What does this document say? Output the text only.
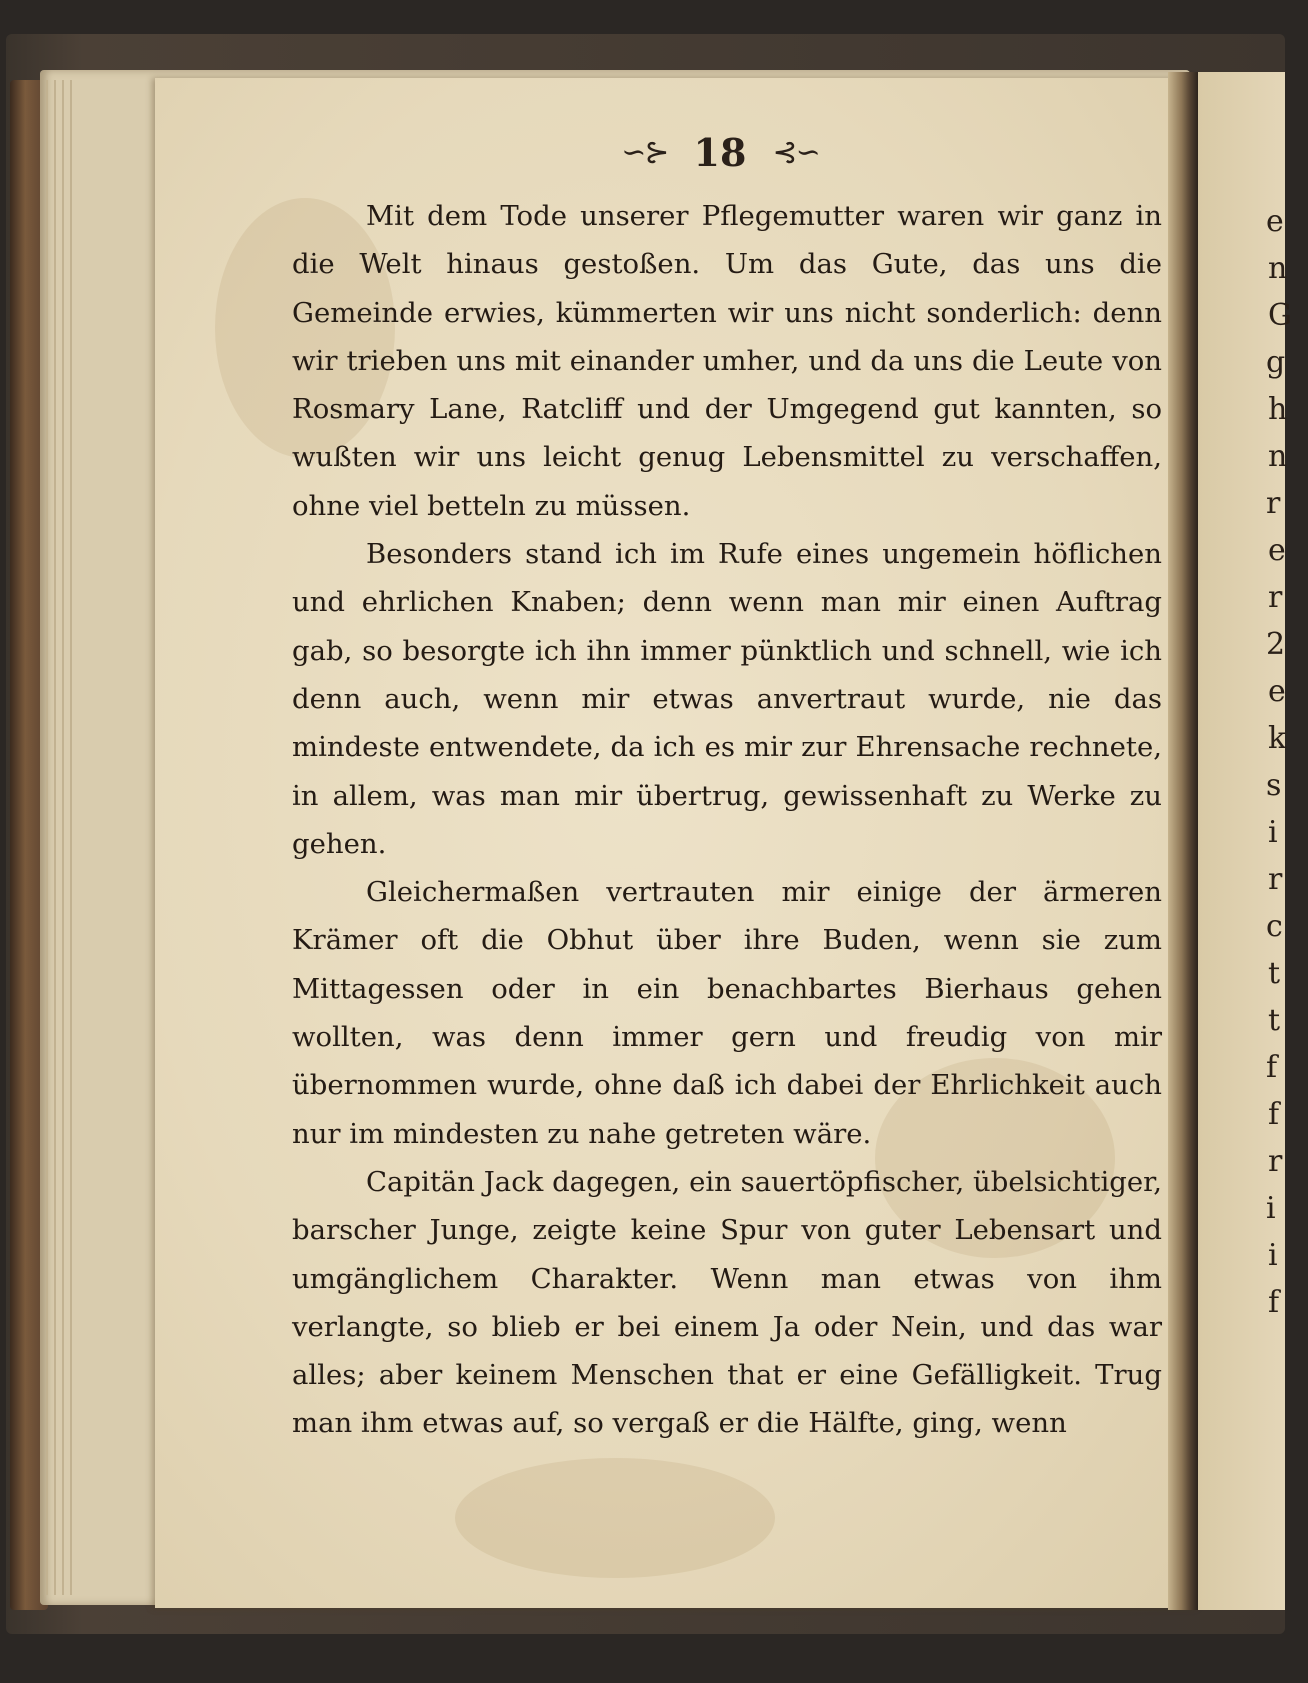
e
n
G
g
h
n
r
e
r
2
e
k
s
i
r
c
t
t
f
f
r
i
i
f
∽⊱ 18 ⊰∽

Mit dem Tode unserer Pflegemutter waren wir ganz in die Welt hinaus gestoßen. Um das Gute, das uns die Gemeinde erwies, kümmerten wir uns nicht sonderlich: denn wir trieben uns mit einander umher, und da uns die Leute von Rosmary Lane, Ratcliff und der Umgegend gut kannten, so wußten wir uns leicht genug Lebensmittel zu verschaffen, ohne viel betteln zu müssen.

Besonders stand ich im Rufe eines ungemein höflichen und ehrlichen Knaben; denn wenn man mir einen Auftrag gab, so besorgte ich ihn immer pünktlich und schnell, wie ich denn auch, wenn mir etwas anvertraut wurde, nie das mindeste entwendete, da ich es mir zur Ehrensache rechnete, in allem, was man mir übertrug, gewissenhaft zu Werke zu gehen.

Gleichermaßen vertrauten mir einige der ärmeren Krämer oft die Obhut über ihre Buden, wenn sie zum Mittagessen oder in ein benachbartes Bierhaus gehen wollten, was denn immer gern und freudig von mir übernommen wurde, ohne daß ich dabei der Ehrlichkeit auch nur im mindesten zu nahe getreten wäre.

Capitän Jack dagegen, ein sauertöpfischer, übelsichtiger, barscher Junge, zeigte keine Spur von guter Lebensart und umgänglichem Charakter. Wenn man etwas von ihm verlangte, so blieb er bei einem Ja oder Nein, und das war alles; aber keinem Menschen that er eine Gefälligkeit. Trug man ihm etwas auf, so vergaß er die Hälfte, ging, wenn
